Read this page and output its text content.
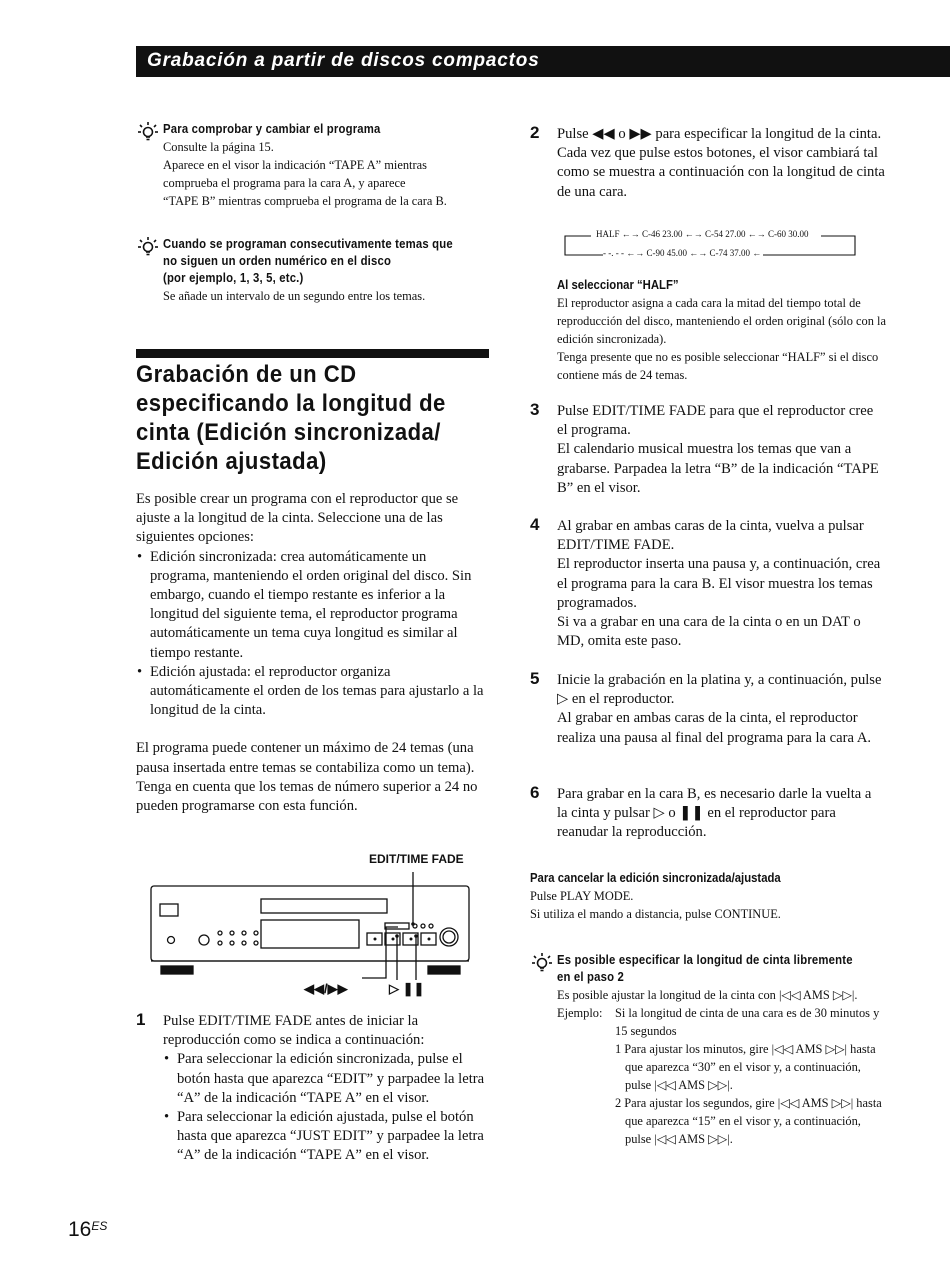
Grabación a partir de discos compactos
Para comprobar y cambiar el programa
Consulte la página 15.
Aparece en el visor la indicación “TAPE A” mientras
comprueba el programa para la cara A, y aparece
“TAPE B” mientras comprueba el programa de la cara B.
Cuando se programan consecutivamente temas que
no siguen un orden numérico en el disco
(por ejemplo, 1, 3, 5, etc.)
Se añade un intervalo de un segundo entre los temas.
Grabación de un CD
especificando la longitud de
cinta (Edición sincronizada/
Edición ajustada)
Es posible crear un programa con el reproductor que se ajuste a la longitud de la cinta. Seleccione una de las siguientes opciones:
• Edición sincronizada: crea automáticamente un programa, manteniendo el orden original del disco. Sin embargo, cuando el tiempo restante es inferior a la longitud del siguiente tema, el reproductor programa automáticamente un tema cuya longitud es similar al tiempo restante.
• Edición ajustada: el reproductor organiza automáticamente el orden de los temas para ajustarlo a la longitud de la cinta.
El programa puede contener un máximo de 24 temas (una pausa insertada entre temas se contabiliza como un tema).
Tenga en cuenta que los temas de número superior a 24 no pueden programarse con esta función.
EDIT/TIME FADE
◀◀/▶▶	▷ ❚❚
1 Pulse EDIT/TIME FADE antes de iniciar la reproducción como se indica a continuación:
• Para seleccionar la edición sincronizada, pulse el botón hasta que aparezca “EDIT” y parpadee la letra “A” de la indicación “TAPE A” en el visor.
• Para seleccionar la edición ajustada, pulse el botón hasta que aparezca “JUST EDIT” y parpadee la letra “A” de la indicación “TAPE A” en el visor.
2 Pulse ◀◀ o ▶▶ para especificar la longitud de la cinta.
Cada vez que pulse estos botones, el visor cambiará tal como se muestra a continuación con la longitud de cinta de una cara.
HALF ←→ C-46 23.00 ←→ C-54 27.00 ←→ C-60 30.00
- -. - - ←→ C-90 45.00 ←→ C-74 37.00 ←
Al seleccionar “HALF”
El reproductor asigna a cada cara la mitad del tiempo total de reproducción del disco, manteniendo el orden original (sólo con la edición sincronizada).
Tenga presente que no es posible seleccionar “HALF” si el disco contiene más de 24 temas.
3 Pulse EDIT/TIME FADE para que el reproductor cree el programa.
El calendario musical muestra los temas que van a grabarse. Parpadea la letra “B” de la indicación “TAPE B” en el visor.
4 Al grabar en ambas caras de la cinta, vuelva a pulsar EDIT/TIME FADE.
El reproductor inserta una pausa y, a continuación, crea el programa para la cara B. El visor muestra los temas programados.
Si va a grabar en una cara de la cinta o en un DAT o MD, omita este paso.
5 Inicie la grabación en la platina y, a continuación, pulse ▷ en el reproductor.
Al grabar en ambas caras de la cinta, el reproductor realiza una pausa al final del programa para la cara A.
6 Para grabar en la cara B, es necesario darle la vuelta a la cinta y pulsar ▷ o ❚❚ en el reproductor para reanudar la reproducción.
Para cancelar la edición sincronizada/ajustada
Pulse PLAY MODE.
Si utiliza el mando a distancia, pulse CONTINUE.
Es posible especificar la longitud de cinta libremente
en el paso 2
Es posible ajustar la longitud de la cinta con |◁◁ AMS ▷▷|.
Ejemplo: Si la longitud de cinta de una cara es de 30 minutos y 15 segundos
1 Para ajustar los minutos, gire |◁◁ AMS ▷▷| hasta que aparezca “30” en el visor y, a continuación, pulse |◁◁ AMS ▷▷|.
2 Para ajustar los segundos, gire |◁◁ AMS ▷▷| hasta que aparezca “15” en el visor y, a continuación, pulse |◁◁ AMS ▷▷|.
$16^{ES}$
